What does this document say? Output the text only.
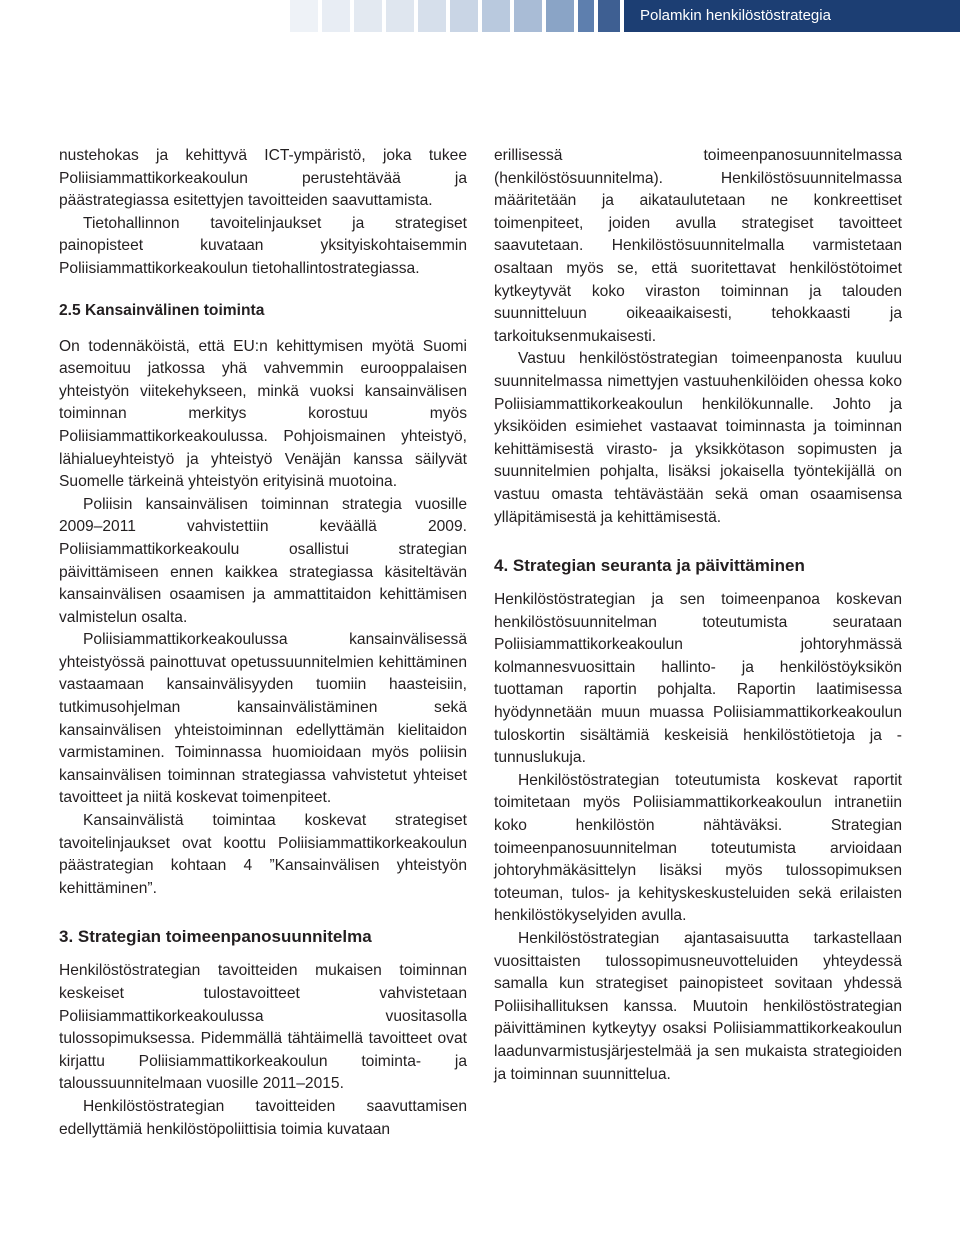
Polamkin henkilöstöstrategia

nustehokas ja kehittyvä ICT-ympäristö, joka tukee Poliisiammattikorkeakoulun perustehtävää ja päästrategiassa esitettyjen tavoitteiden saavuttamista.

Tietohallinnon tavoitelinjaukset ja strategiset painopisteet kuvataan yksityiskohtaisemmin Poliisiammattikorkeakoulun tietohallintostrategiassa.

2.5 Kansainvälinen toiminta

On todennäköistä, että EU:n kehittymisen myötä Suomi asemoituu jatkossa yhä vahvemmin eurooppalaisen yhteistyön viitekehykseen, minkä vuoksi kansainvälisen toiminnan merkitys korostuu myös Poliisiammattikorkeakoulussa. Pohjoismainen yhteistyö, lähialueyhteistyö ja yhteistyö Venäjän kanssa säilyvät Suomelle tärkeinä yhteistyön erityisinä muotoina.

Poliisin kansainvälisen toiminnan strategia vuosille 2009–2011 vahvistettiin keväällä 2009. Poliisiammattikorkeakoulu osallistui strategian päivittämiseen ennen kaikkea strategiassa käsiteltävän kansainvälisen osaamisen ja ammattitaidon kehittämisen valmistelun osalta.

Poliisiammattikorkeakoulussa kansainvälisessä yhteistyössä painottuvat opetussuunnitelmien kehittäminen vastaamaan kansainvälisyyden tuomiin haasteisiin, tutkimusohjelman kansainvälistäminen sekä kansainvälisen yhteistoiminnan edellyttämän kielitaidon varmistaminen. Toiminnassa huomioidaan myös poliisin kansainvälisen toiminnan strategiassa vahvistetut yhteiset tavoitteet ja niitä koskevat toimenpiteet.

Kansainvälistä toimintaa koskevat strategiset tavoitelinjaukset ovat koottu Poliisiammattikorkeakoulun päästrategian kohtaan 4 ”Kansainvälisen yhteistyön kehittäminen”.

3. Strategian toimeenpanosuunnitelma

Henkilöstöstrategian tavoitteiden mukaisen toiminnan keskeiset tulostavoitteet vahvistetaan Poliisiammattikorkeakoulussa vuositasolla tulossopimuksessa. Pidemmällä tähtäimellä tavoitteet ovat kirjattu Poliisiammattikorkeakoulun toiminta- ja taloussuunnitelmaan vuosille 2011–2015.

Henkilöstöstrategian tavoitteiden saavuttamisen edellyttämiä henkilöstöpoliittisia toimia kuvataan

erillisessä toimeenpanosuunnitelmassa (henkilöstösuunnitelma). Henkilöstösuunnitelmassa määritetään ja aikataulutetaan ne konkreettiset toimenpiteet, joiden avulla strategiset tavoitteet saavutetaan. Henkilöstösuunnitelmalla varmistetaan osaltaan myös se, että suoritettavat henkilöstötoimet kytkeytyvät koko viraston toiminnan ja talouden suunnitteluun oikeaaikaisesti, tehokkaasti ja tarkoituksenmukaisesti.

Vastuu henkilöstöstrategian toimeenpanosta kuuluu suunnitelmassa nimettyjen vastuuhenkilöiden ohessa koko Poliisiammattikorkeakoulun henkilökunnalle. Johto ja yksiköiden esimiehet vastaavat toiminnasta ja toiminnan kehittämisestä virasto- ja yksikkötason sopimusten ja suunnitelmien pohjalta, lisäksi jokaisella työntekijällä on vastuu omasta tehtävästään sekä oman osaamisensa ylläpitämisestä ja kehittämisestä.

4. Strategian seuranta ja päivittäminen

Henkilöstöstrategian ja sen toimeenpanoa koskevan henkilöstösuunnitelman toteutumista seurataan Poliisiammattikorkeakoulun johtoryhmässä kolmannesvuosittain hallinto- ja henkilöstöyksikön tuottaman raportin pohjalta. Raportin laatimisessa hyödynnetään muun muassa Poliisiammattikorkeakoulun tuloskortin sisältämiä keskeisiä henkilöstötietoja ja -tunnuslukuja.

Henkilöstöstrategian toteutumista koskevat raportit toimitetaan myös Poliisiammattikorkeakoulun intranetiin koko henkilöstön nähtäväksi. Strategian toimeenpanosuunnitelman toteutumista arvioidaan johtoryhmäkäsittelyn lisäksi myös tulossopimuksen toteuman, tulos- ja kehityskeskusteluiden sekä erilaisten henkilöstökyselyiden avulla.

Henkilöstöstrategian ajantasaisuutta tarkastellaan vuosittaisten tulossopimusneuvotteluiden yhteydessä samalla kun strategiset painopisteet sovitaan yhdessä Poliisihallituksen kanssa. Muutoin henkilöstöstrategian päivittäminen kytkeytyy osaksi Poliisiammattikorkeakoulun laadunvarmistusjärjestelmää ja sen mukaista strategioiden ja toiminnan suunnittelua.
